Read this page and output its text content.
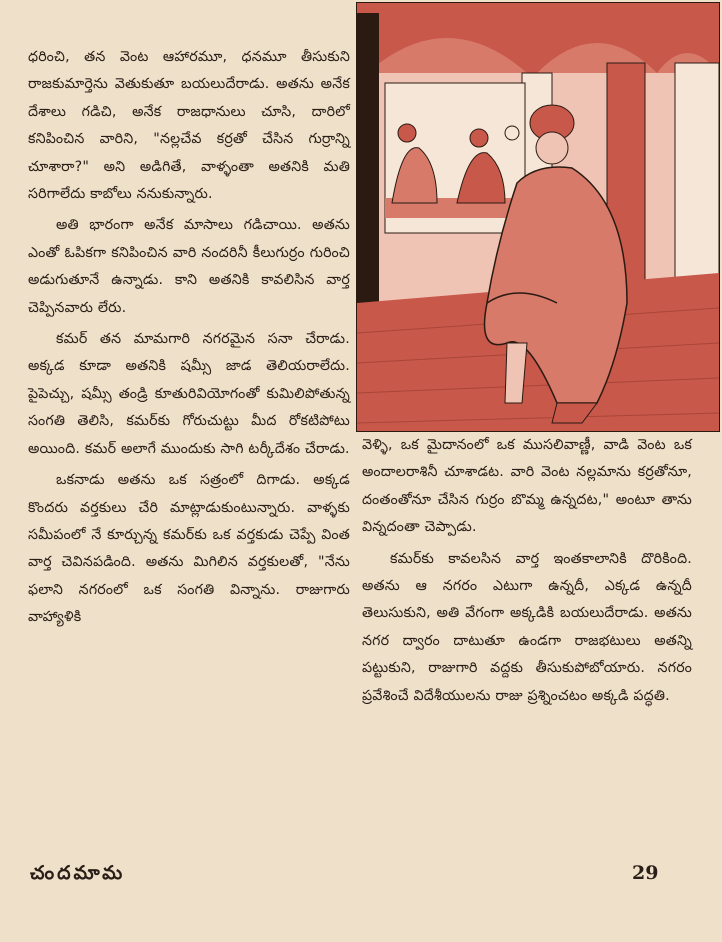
ధరించి, తన వెంట ఆహారమూ, ధనమూ తీసుకుని రాజకుమార్తెను వెతుకుతూ బయలుదేరాడు. అతను అనేక దేశాలు గడిచి, అనేక రాజధానులు చూసి, దారిలో కనిపించిన వారిని, "నల్లచేవ కర్రతో చేసిన గుర్రాన్ని చూశారా?" అని అడిగితే, వాళ్ళంతా అతనికి మతి సరిగాలేదు కాబోలు ననుకున్నారు.

అతి భారంగా అనేక మాసాలు గడిచాయి. అతను ఎంతో ఓపికగా కనిపించిన వారి నందరినీ కీలుగుర్రం గురించి అడుగుతూనే ఉన్నాడు. కాని అతనికి కావలిసిన వార్త చెప్పినవారు లేరు.

కమర్ తన మామగారి నగరమైన సనా చేరాడు. అక్కడ కూడా అతనికి షమ్సీ జాడ తెలియరాలేదు. పైపెచ్చు, షమ్సీ తండ్రి కూతురివియోగంతో కుమిలిపోతున్న సంగతి తెలిసి, కమర్‌కు గోరుచుట్టు మీద రోకటిపోటు అయింది. కమర్ అలాగే ముందుకు సాగి టర్కీదేశం చేరాడు.

ఒకనాడు అతను ఒక సత్రంలో దిగాడు. అక్కడ కొందరు వర్తకులు చేరి మాట్లాడుకుంటున్నారు. వాళ్ళకు సమీపంలో నే కూర్చున్న కమర్‌కు ఒక వర్తకుడు చెప్పే వింత వార్త చెవినపడింది. అతను మిగిలిన వర్తకులతో, "నేను ఫలాని నగరంలో ఒక సంగతి విన్నాను. రాజుగారు వాహ్యాళికి

వెళ్ళి, ఒక మైదానంలో ఒక ముసలివాణ్ణీ, వాడి వెంట ఒక అందాలరాశినీ చూశాడట. వారి వెంట నల్లమాను కర్రతోనూ, దంతంతోనూ చేసిన గుర్రం బొమ్మ ఉన్నదట," అంటూ తాను విన్నదంతా చెప్పాడు.

కమర్‌కు కావలసిన వార్త ఇంతకాలానికి దొరికింది. అతను ఆ నగరం ఎటుగా ఉన్నదీ, ఎక్కడ ఉన్నదీ తెలుసుకుని, అతి వేగంగా అక్కడికి బయలుదేరాడు. అతను నగర ద్వారం దాటుతూ ఉండగా రాజభటులు అతన్ని పట్టుకుని, రాజుగారి వద్దకు తీసుకుపోబోయారు. నగరం ప్రవేశించే విదేశీయులను రాజు ప్రశ్నించటం అక్కడి పద్ధతి.

చందమామ	29
